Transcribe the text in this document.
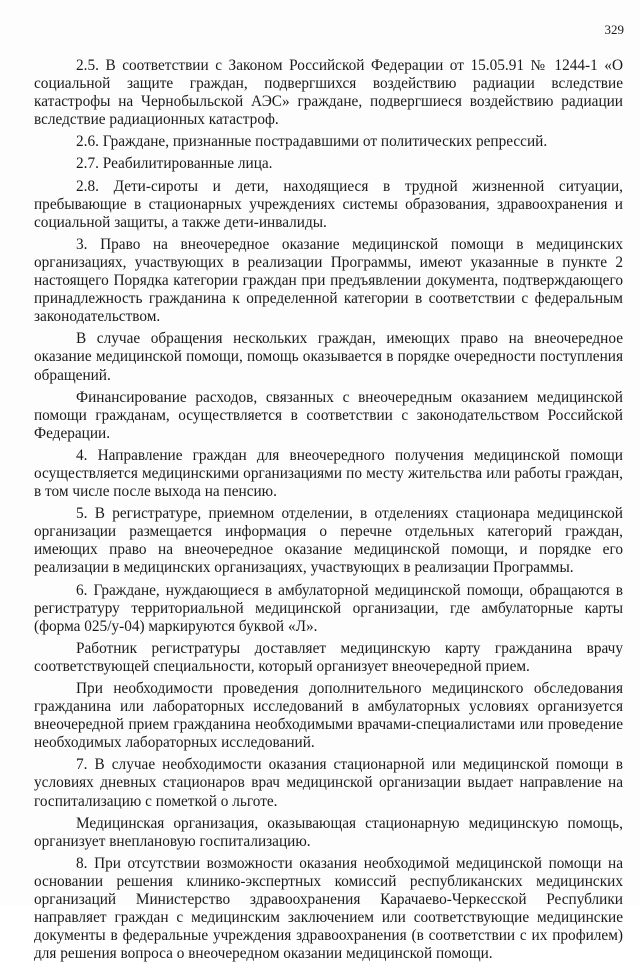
329

2.5. В соответствии с Законом Российской Федерации от 15.05.91 № 1244-1 «О социальной защите граждан, подвергшихся воздействию радиации вследствие катастрофы на Чернобыльской АЭС» граждане, подвергшиеся воздействию радиации вследствие радиационных катастроф.

2.6. Граждане, признанные пострадавшими от политических репрессий.

2.7. Реабилитированные лица.

2.8. Дети-сироты и дети, находящиеся в трудной жизненной ситуации, пребывающие в стационарных учреждениях системы образования, здравоохранения и социальной защиты, а также дети-инвалиды.

3. Право на внеочередное оказание медицинской помощи в медицинских организациях, участвующих в реализации Программы, имеют указанные в пункте 2 настоящего Порядка категории граждан при предъявлении документа, подтверждающего принадлежность гражданина к определенной категории в соответствии с федеральным законодательством.

В случае обращения нескольких граждан, имеющих право на внеочередное оказание медицинской помощи, помощь оказывается в порядке очередности поступления обращений.

Финансирование расходов, связанных с внеочередным оказанием медицинской помощи гражданам, осуществляется в соответствии с законодательством Российской Федерации.

4. Направление граждан для внеочередного получения медицинской помощи осуществляется медицинскими организациями по месту жительства или работы граждан, в том числе после выхода на пенсию.

5. В регистратуре, приемном отделении, в отделениях стационара медицинской организации размещается информация о перечне отдельных категорий граждан, имеющих право на внеочередное оказание медицинской помощи, и порядке его реализации в медицинских организациях, участвующих в реализации Программы.

6. Граждане, нуждающиеся в амбулаторной медицинской помощи, обращаются в регистратуру территориальной медицинской организации, где амбулаторные карты (форма 025/у-04) маркируются буквой «Л».

Работник регистратуры доставляет медицинскую карту гражданина врачу соответствующей специальности, который организует внеочередной прием.

При необходимости проведения дополнительного медицинского обследования гражданина или лабораторных исследований в амбулаторных условиях организуется внеочередной прием гражданина необходимыми врачами-специалистами или проведение необходимых лабораторных исследований.

7. В случае необходимости оказания стационарной или медицинской помощи в условиях дневных стационаров врач медицинской организации выдает направление на госпитализацию с пометкой о льготе.

Медицинская организация, оказывающая стационарную медицинскую помощь, организует внеплановую госпитализацию.

8. При отсутствии возможности оказания необходимой медицинской помощи на основании решения клинико-экспертных комиссий республиканских медицинских организаций Министерство здравоохранения Карачаево-Черкесской Республики направляет граждан с медицинским заключением или соответствующие медицинские документы в федеральные учреждения здравоохранения (в соответствии с их профилем) для решения вопроса о внеочередном оказании медицинской помощи.
